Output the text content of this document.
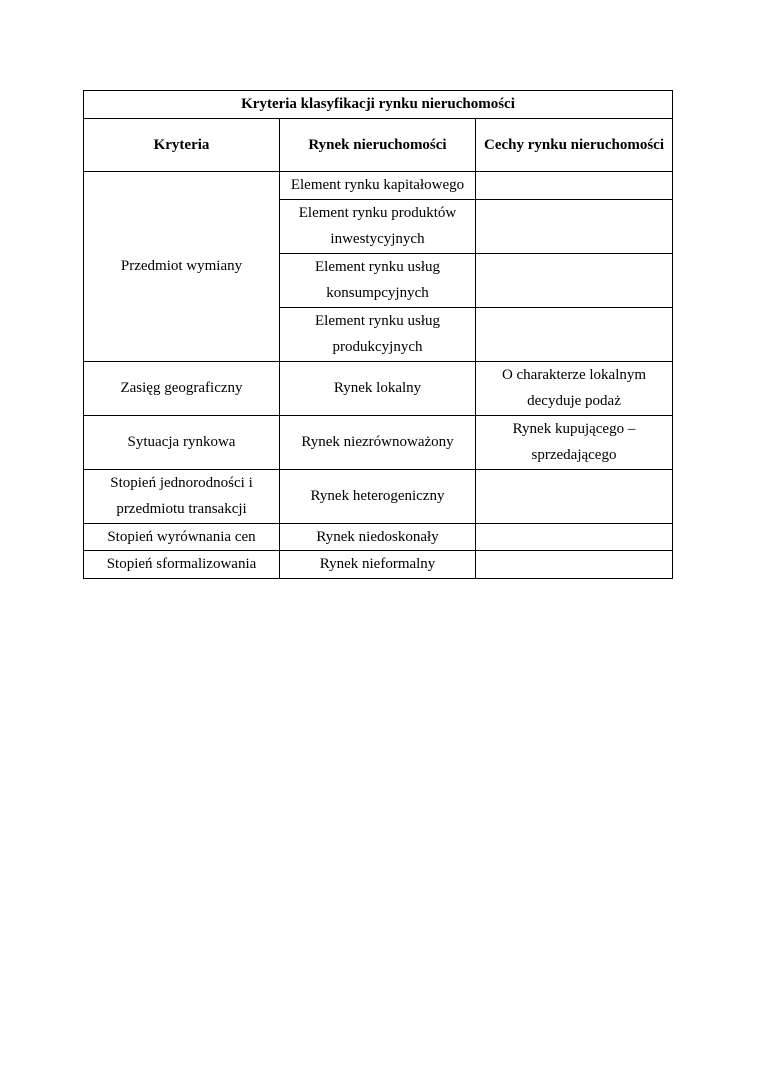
Kryteria klasyfikacji rynku nieruchomości		
Kryteria	Rynek nieruchomości	Cechy rynku nieruchomości
Przedmiot wymiany	Element rynku kapitałowego	
	Element rynku produktów inwestycyjnych	
	Element rynku usług konsumpcyjnych	
	Element rynku usług produkcyjnych	
Zasięg geograficzny	Rynek lokalny	O charakterze lokalnym decyduje podaż
Sytuacja rynkowa	Rynek niezrównoważony	Rynek kupującego – sprzedającego
Stopień jednorodności i przedmiotu transakcji	Rynek heterogeniczny	
Stopień wyrównania cen	Rynek niedoskonały	
Stopień sformalizowania	Rynek nieformalny	
